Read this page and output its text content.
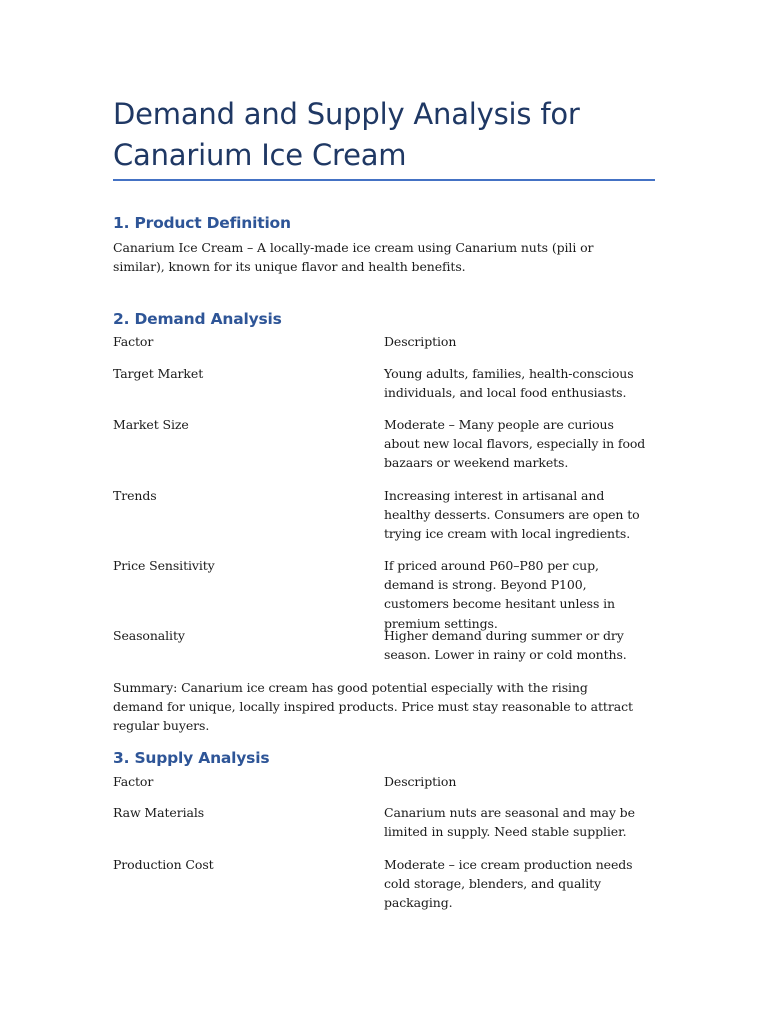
Demand and Supply Analysis for Canarium Ice Cream
1. Product Definition

Canarium Ice Cream – A locally-made ice cream using Canarium nuts (pili or similar), known for its unique flavor and health benefits.

2. Demand Analysis

Factor	Description

Target Market	Young adults, families, health-conscious individuals, and local food enthusiasts.

Market Size	Moderate – Many people are curious about new local flavors, especially in food bazaars or weekend markets.

Trends	Increasing interest in artisanal and healthy desserts. Consumers are open to trying ice cream with local ingredients.

Price Sensitivity	If priced around P60–P80 per cup, demand is strong. Beyond P100, customers become hesitant unless in premium settings.

Seasonality	Higher demand during summer or dry season. Lower in rainy or cold months.

Summary: Canarium ice cream has good potential especially with the rising demand for unique, locally inspired products. Price must stay reasonable to attract regular buyers.

3. Supply Analysis

Factor	Description

Raw Materials	Canarium nuts are seasonal and may be limited in supply. Need stable supplier.

Production Cost	Moderate – ice cream production needs cold storage, blenders, and quality packaging.
